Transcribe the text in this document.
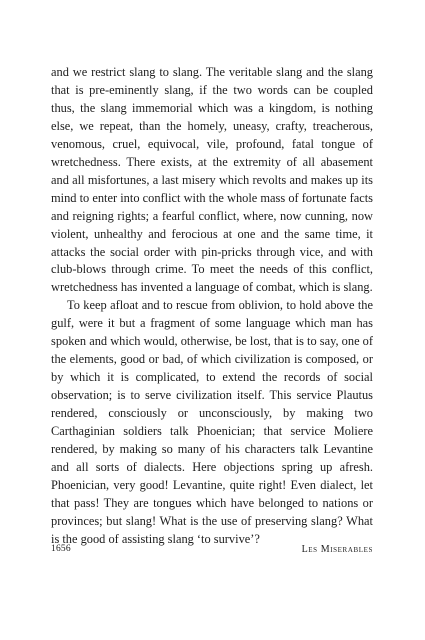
and we restrict slang to slang. The veritable slang and the slang that is pre-eminently slang, if the two words can be coupled thus, the slang immemorial which was a kingdom, is nothing else, we repeat, than the homely, uneasy, crafty, treacherous, venomous, cruel, equivocal, vile, profound, fatal tongue of wretchedness. There exists, at the extremity of all abasement and all misfortunes, a last misery which revolts and makes up its mind to enter into conflict with the whole mass of fortunate facts and reigning rights; a fearful conflict, where, now cunning, now violent, unhealthy and ferocious at one and the same time, it attacks the social order with pin-pricks through vice, and with club-blows through crime. To meet the needs of this conflict, wretchedness has invented a language of combat, which is slang.

To keep afloat and to rescue from oblivion, to hold above the gulf, were it but a fragment of some language which man has spoken and which would, otherwise, be lost, that is to say, one of the elements, good or bad, of which civilization is composed, or by which it is complicated, to extend the records of social observation; is to serve civilization itself. This service Plautus rendered, consciously or unconsciously, by making two Carthaginian soldiers talk Phoenician; that service Moliere rendered, by making so many of his characters talk Levantine and all sorts of dialects. Here objections spring up afresh. Phoenician, very good! Levantine, quite right! Even dialect, let that pass! They are tongues which have belonged to nations or provinces; but slang! What is the use of preserving slang? What is the good of assisting slang ‘to survive’?

1656	Les Miserables
